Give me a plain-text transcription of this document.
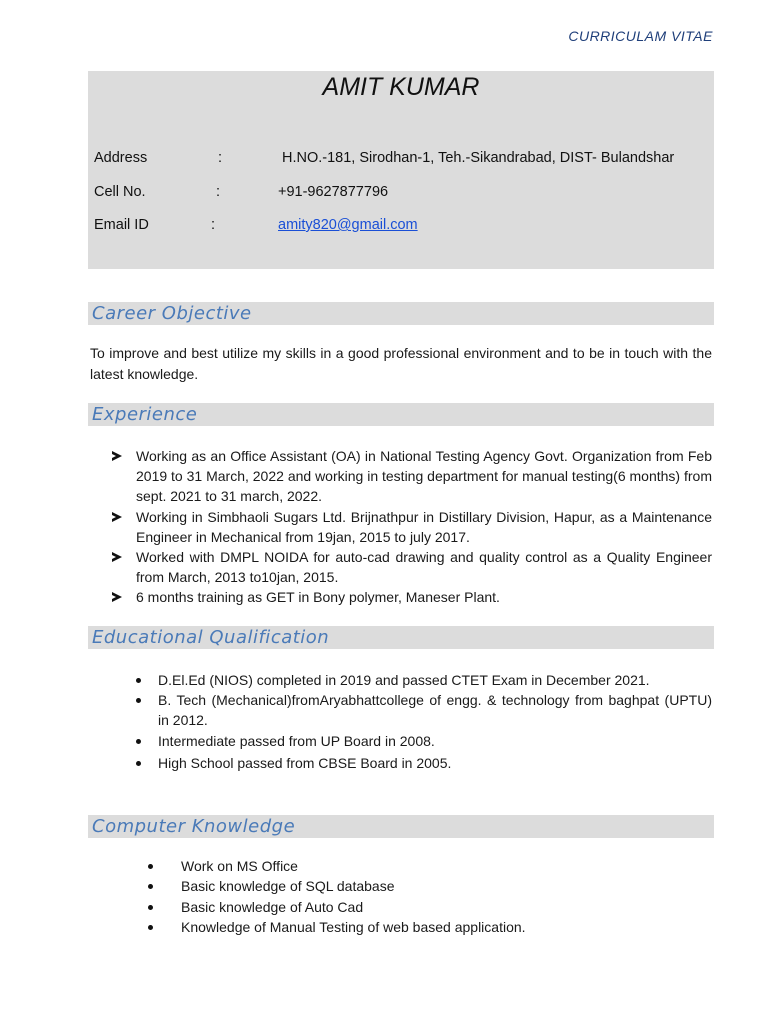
CURRICULAM VITAE
AMIT KUMAR
Address	:	H.NO.-181, Sirodhan-1, Teh.-Sikandrabad, DIST- Bulandshar
Cell No.	:	+91-9627877796
Email ID	:	amity820@gmail.com
Career Objective
To improve and best utilize my skills in a good professional environment and to be in touch with the latest knowledge.
Experience
Working as an Office Assistant (OA) in National Testing Agency Govt. Organization from Feb 2019 to 31 March, 2022 and working in testing department for manual testing(6 months) from sept. 2021 to 31 march, 2022.
Working in Simbhaoli Sugars Ltd. Brijnathpur in Distillary Division, Hapur, as a Maintenance Engineer in Mechanical from 19jan, 2015 to july 2017.
Worked with DMPL NOIDA for auto-cad drawing and quality control as a Quality Engineer from March, 2013 to10jan, 2015.
6 months training as GET in Bony polymer, Maneser Plant.
Educational Qualification
D.El.Ed (NIOS) completed in 2019 and passed CTET Exam in December 2021.
B. Tech (Mechanical)fromAryabhattcollege of engg. & technology from baghpat (UPTU) in 2012.
Intermediate passed from UP Board in 2008.
High School passed from CBSE Board in 2005.
Computer Knowledge
Work on MS Office
Basic knowledge of SQL database
Basic knowledge of Auto Cad
Knowledge of Manual Testing of web based application.
